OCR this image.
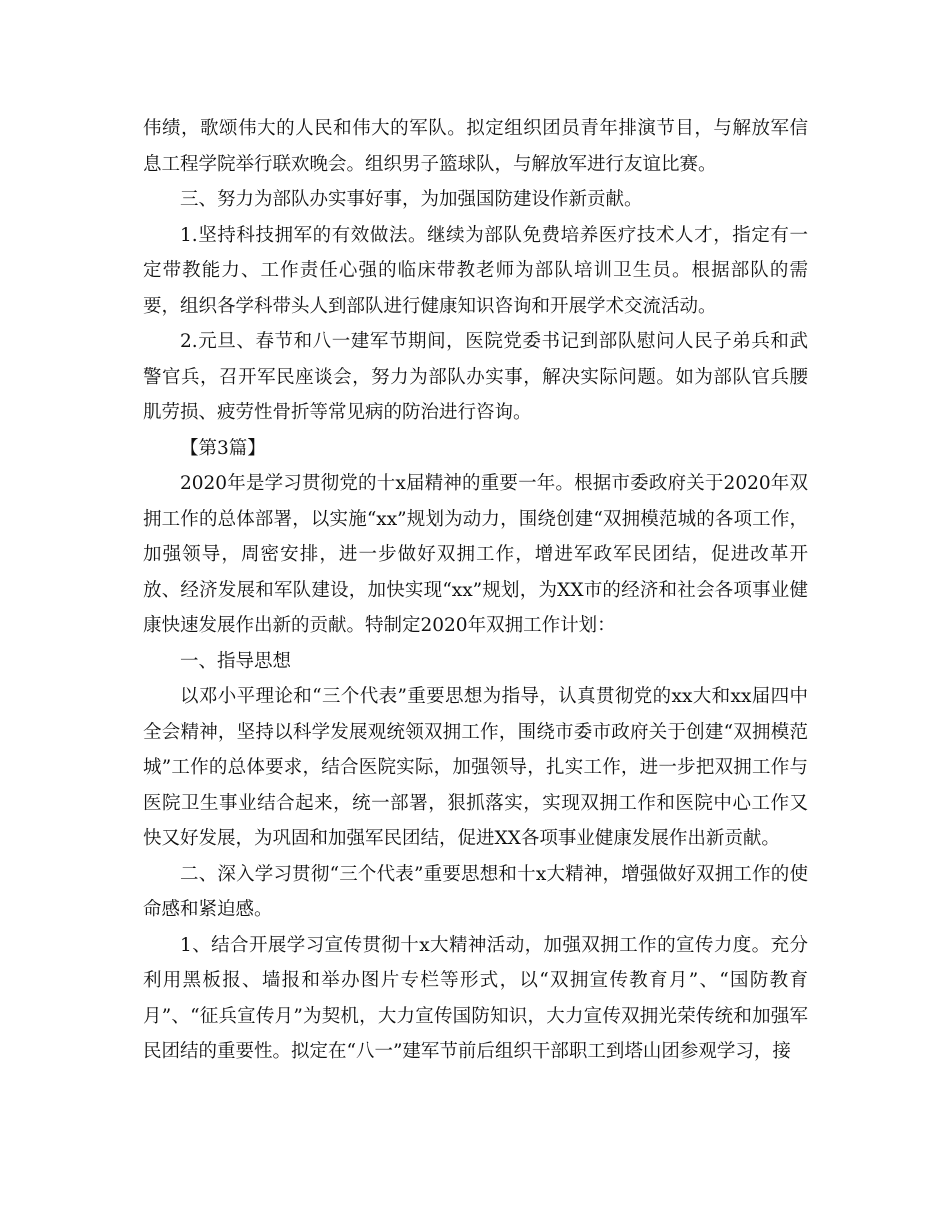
伟绩，歌颂伟大的人民和伟大的军队。拟定组织团员青年排演节目，与解放军信息工程学院举行联欢晚会。组织男子篮球队，与解放军进行友谊比赛。

三、努力为部队办实事好事，为加强国防建设作新贡献。

1.坚持科技拥军的有效做法。继续为部队免费培养医疗技术人才，指定有一定带教能力、工作责任心强的临床带教老师为部队培训卫生员。根据部队的需要，组织各学科带头人到部队进行健康知识咨询和开展学术交流活动。

2.元旦、春节和八一建军节期间，医院党委书记到部队慰问人民子弟兵和武警官兵，召开军民座谈会，努力为部队办实事，解决实际问题。如为部队官兵腰肌劳损、疲劳性骨折等常见病的防治进行咨询。

【第3篇】

2020年是学习贯彻党的十x届精神的重要一年。根据市委政府关于2020年双拥工作的总体部署，以实施“xx”规划为动力，围绕创建“双拥模范城的各项工作，加强领导，周密安排，进一步做好双拥工作，增进军政军民团结，促进改革开放、经济发展和军队建设，加快实现“xx”规划，为XX市的经济和社会各项事业健康快速发展作出新的贡献。特制定2020年双拥工作计划：

一、指导思想

以邓小平理论和“三个代表”重要思想为指导，认真贯彻党的xx大和xx届四中全会精神，坚持以科学发展观统领双拥工作，围绕市委市政府关于创建“双拥模范城”工作的总体要求，结合医院实际，加强领导，扎实工作，进一步把双拥工作与医院卫生事业结合起来，统一部署，狠抓落实，实现双拥工作和医院中心工作又快又好发展，为巩固和加强军民团结，促进XX各项事业健康发展作出新贡献。

二、深入学习贯彻“三个代表”重要思想和十x大精神，增强做好双拥工作的使命感和紧迫感。

1、结合开展学习宣传贯彻十x大精神活动，加强双拥工作的宣传力度。充分利用黑板报、墙报和举办图片专栏等形式，以“双拥宣传教育月”、“国防教育月”、“征兵宣传月”为契机，大力宣传国防知识，大力宣传双拥光荣传统和加强军民团结的重要性。拟定在“八一”建军节前后组织干部职工到塔山团参观学习，接
